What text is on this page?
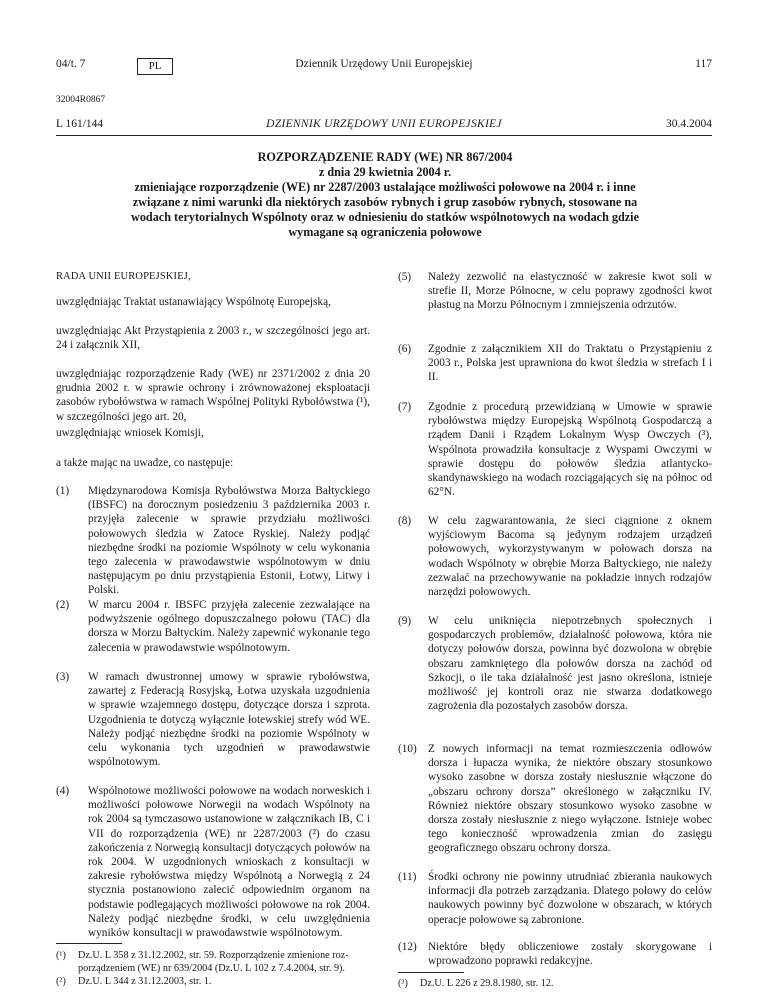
04/t. 7	PL	Dziennik Urzędowy Unii Europejskiej	117
32004R0867
L 161/144	DZIENNIK URZĘDOWY UNII EUROPEJSKIEJ	30.4.2004
ROZPORZĄDZENIE RADY (WE) NR 867/2004
z dnia 29 kwietnia 2004 r.
zmieniające rozporządzenie (WE) nr 2287/2003 ustalające możliwości połowowe na 2004 r. i inne
związane z nimi warunki dla niektórych zasobów rybnych i grup zasobów rybnych, stosowane na
wodach terytorialnych Wspólnoty oraz w odniesieniu do statków wspólnotowych na wodach gdzie
wymagane są ograniczenia połowowe
RADA UNII EUROPEJSKIEJ,
uwzględniając Traktat ustanawiający Wspólnotę Europejską,
uwzględniając Akt Przystąpienia z 2003 r., w szczególności jego art. 24 i załącznik XII,
uwzględniając rozporządzenie Rady (WE) nr 2371/2002 z dnia 20 grudnia 2002 r. w sprawie ochrony i zrównoważonej eksploatacji zasobów rybołówstwa w ramach Wspólnej Polityki Rybołówstwa (¹), w szczególności jego art. 20,
uwzględniając wniosek Komisji,
a także mając na uwadze, co następuje:
(1) Międzynarodowa Komisja Rybołówstwa Morza Bałtyckiego (IBSFC) na dorocznym posiedzeniu 3 października 2003 r. przyjęła zalecenie w sprawie przydziału możliwości połowowych śledzia w Zatoce Ryskiej. Należy podjąć niezbędne środki na poziomie Wspólnoty w celu wykonania tego zalecenia w prawodawstwie wspólnotowym w dniu następującym po dniu przystąpienia Estonii, Łotwy, Litwy i Polski.
(2) W marcu 2004 r. IBSFC przyjęła zalecenie zezwalające na podwyższenie ogólnego dopuszczalnego połowu (TAC) dla dorsza w Morzu Bałtyckim. Należy zapewnić wykonanie tego zalecenia w prawodawstwie wspólnotowym.
(3) W ramach dwustronnej umowy w sprawie rybołówstwa, zawartej z Federacją Rosyjską, Łotwa uzyskała uzgodnienia w sprawie wzajemnego dostępu, dotyczące dorsza i szprota. Uzgodnienia te dotyczą wyłącznie łotewskiej strefy wód WE. Należy podjąć niezbędne środki na poziomie Wspólnoty w celu wykonania tych uzgodnień w prawodawstwie wspólnotowym.
(4) Wspólnotowe możliwości połowowe na wodach norweskich i możliwości połowowe Norwegii na wodach Wspólnoty na rok 2004 są tymczasowo ustanowione w załącznikach IB, C i VII do rozporządzenia (WE) nr 2287/2003 (²) do czasu zakończenia z Norwegią konsultacji dotyczących połowów na rok 2004. W uzgodnionych wnioskach z konsultacji w zakresie rybołówstwa między Wspólnotą a Norwegią z 24 stycznia postanowiono zalecić odpowiednim organom na podstawie podlegających możliwości połowowe na rok 2004. Należy podjąć niezbędne środki, w celu uwzględnienia wyników konsultacji w prawodawstwie wspólnotowym.
(¹) Dz.U. L 358 z 31.12.2002, str. 59. Rozporządzenie zmienione roz-
porządzeniem (WE) nr 639/2004 (Dz.U. L 102 z 7.4.2004, str. 9).
(²) Dz.U. L 344 z 31.12.2003, str. 1.
(5) Należy zezwolić na elastyczność w zakresie kwot soli w strefie II, Morze Północne, w celu poprawy zgodności kwot płastug na Morzu Północnym i zmniejszenia odrzutów.
(6) Zgodnie z załącznikiem XII do Traktatu o Przystąpieniu z 2003 r., Polska jest uprawniona do kwot śledzia w strefach I i II.
(7) Zgodnie z procedurą przewidzianą w Umowie w sprawie rybołówstwa między Europejską Wspólnotą Gospodarczą a rządem Danii i Rządem Lokalnym Wysp Owczych (³), Wspólnota prowadziła konsultacje z Wyspami Owczymi w sprawie dostępu do połowów śledzia atlantycko-skandynawskiego na wodach rozciągających się na północ od 62°N.
(8) W celu zagwarantowania, że sieci ciągnione z oknem wyjściowym Bacoma są jedynym rodzajem urządzeń połowowych, wykorzystywanym w połowach dorsza na wodach Wspólnoty w obrębie Morza Bałtyckiego, nie należy zezwalać na przechowywanie na pokładzie innych rodzajów narzędzi połowowych.
(9) W celu uniknięcia niepotrzebnych społecznych i gospodarczych problemów, działalność połowowa, która nie dotyczy połowów dorsza, powinna być dozwolona w obrębie obszaru zamkniętego dla połowów dorsza na zachód od Szkocji, o ile taka działalność jest jasno określona, istnieje możliwość jej kontroli oraz nie stwarza dodatkowego zagrożenia dla pozostałych zasobów dorsza.
(10) Z nowych informacji na temat rozmieszczenia odłowów dorsza i łupacza wynika, że niektóre obszary stosunkowo wysoko zasobne w dorsza zostały niesłusznie włączone do „obszaru ochrony dorsza” określonego w załączniku IV. Również niektóre obszary stosunkowo wysoko zasobne w dorsza zostały niesłusznie z niego wyłączone. Istnieje wobec tego konieczność wprowadzenia zmian do zasięgu geograficznego obszaru ochrony dorsza.
(11) Środki ochrony nie powinny utrudniać zbierania naukowych informacji dla potrzeb zarządzania. Dlatego połowy do celów naukowych powinny być dozwolone w obszarach, w których operacje połowowe są zabronione.
(12) Niektóre błędy obliczeniowe zostały skorygowane i wprowadzono poprawki redakcyjne.
(³) Dz.U. L 226 z 29.8.1980, str. 12.
